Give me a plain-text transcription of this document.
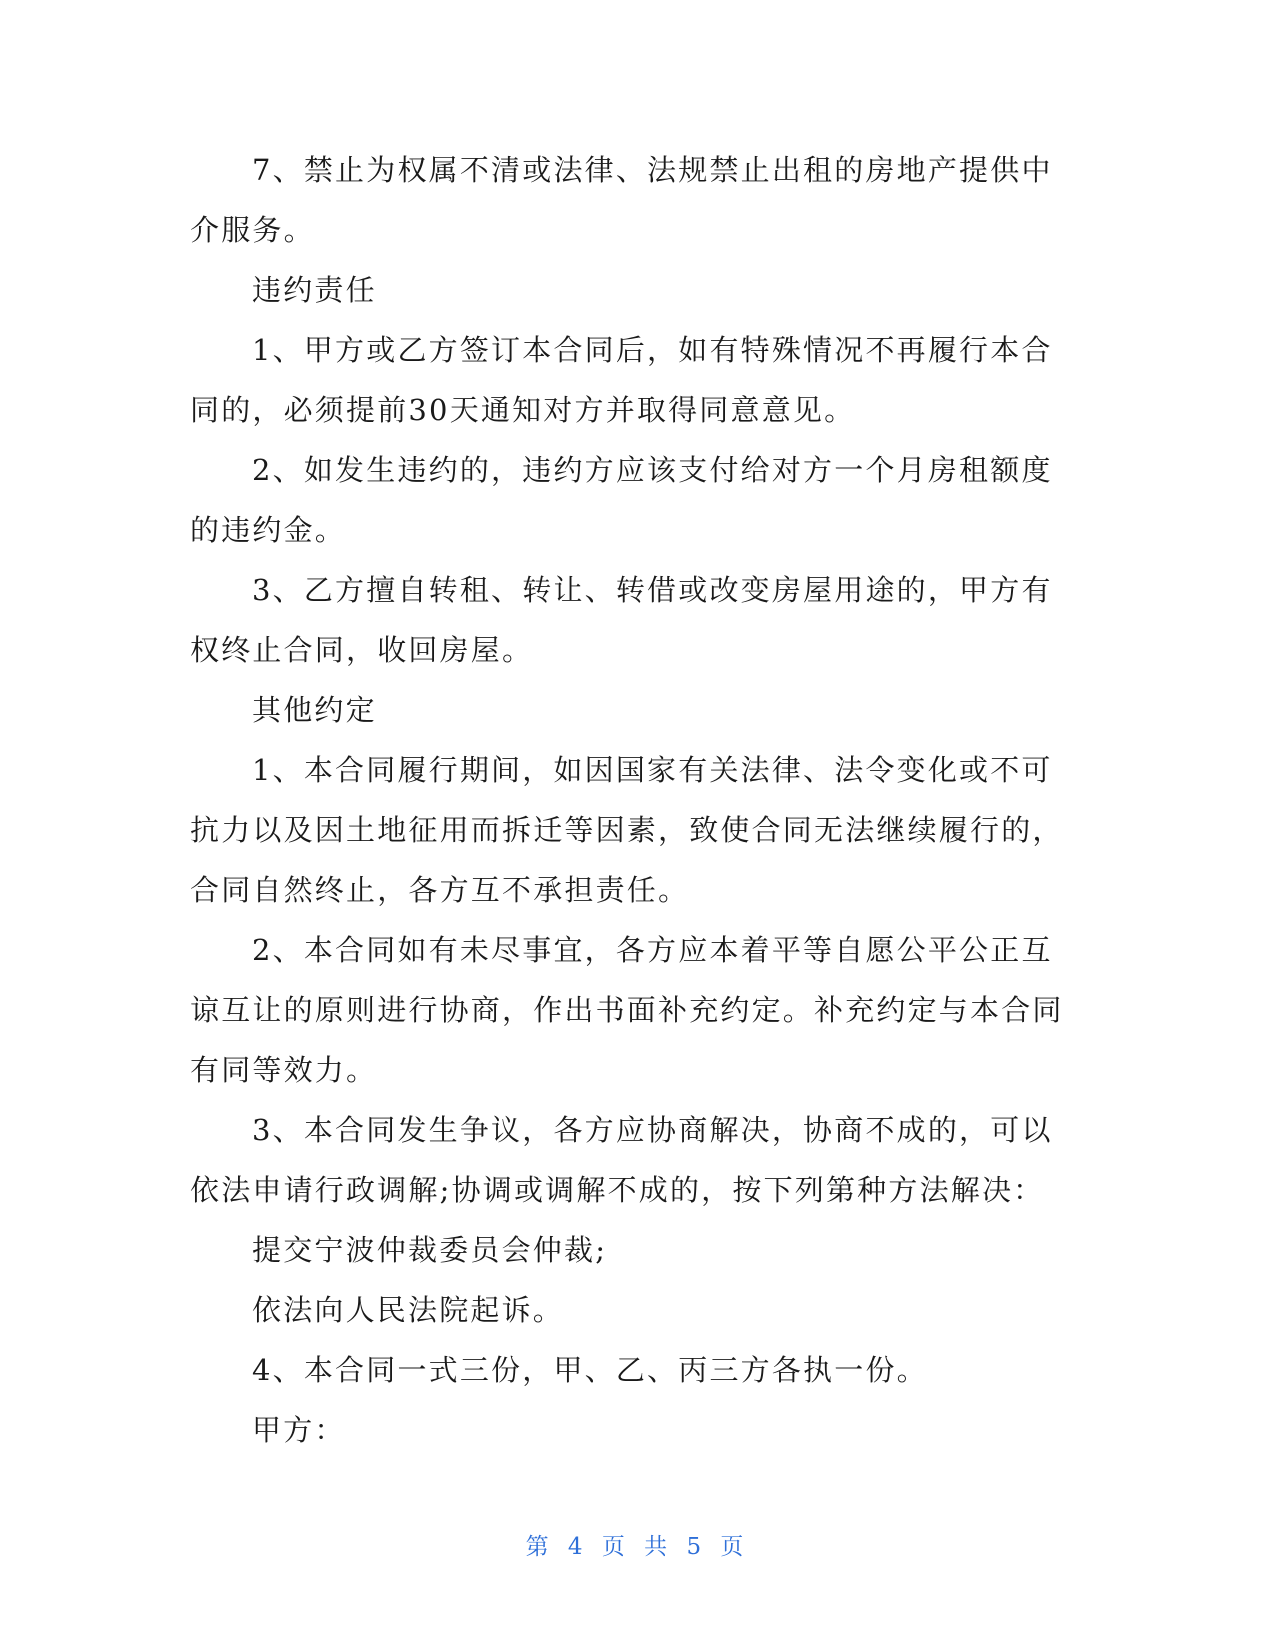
7、禁止为权属不清或法律、法规禁止出租的房地产提供中介服务。

违约责任

1、甲方或乙方签订本合同后，如有特殊情况不再履行本合同的，必须提前30天通知对方并取得同意意见。

2、如发生违约的，违约方应该支付给对方一个月房租额度的违约金。

3、乙方擅自转租、转让、转借或改变房屋用途的，甲方有权终止合同，收回房屋。

其他约定

1、本合同履行期间，如因国家有关法律、法令变化或不可抗力以及因土地征用而拆迁等因素，致使合同无法继续履行的，合同自然终止，各方互不承担责任。

2、本合同如有未尽事宜，各方应本着平等自愿公平公正互谅互让的原则进行协商，作出书面补充约定。补充约定与本合同有同等效力。

3、本合同发生争议，各方应协商解决，协商不成的，可以依法申请行政调解;协调或调解不成的，按下列第种方法解决：

提交宁波仲裁委员会仲裁;

依法向人民法院起诉。

4、本合同一式三份，甲、乙、丙三方各执一份。

甲方：

第 4 页 共 5 页
